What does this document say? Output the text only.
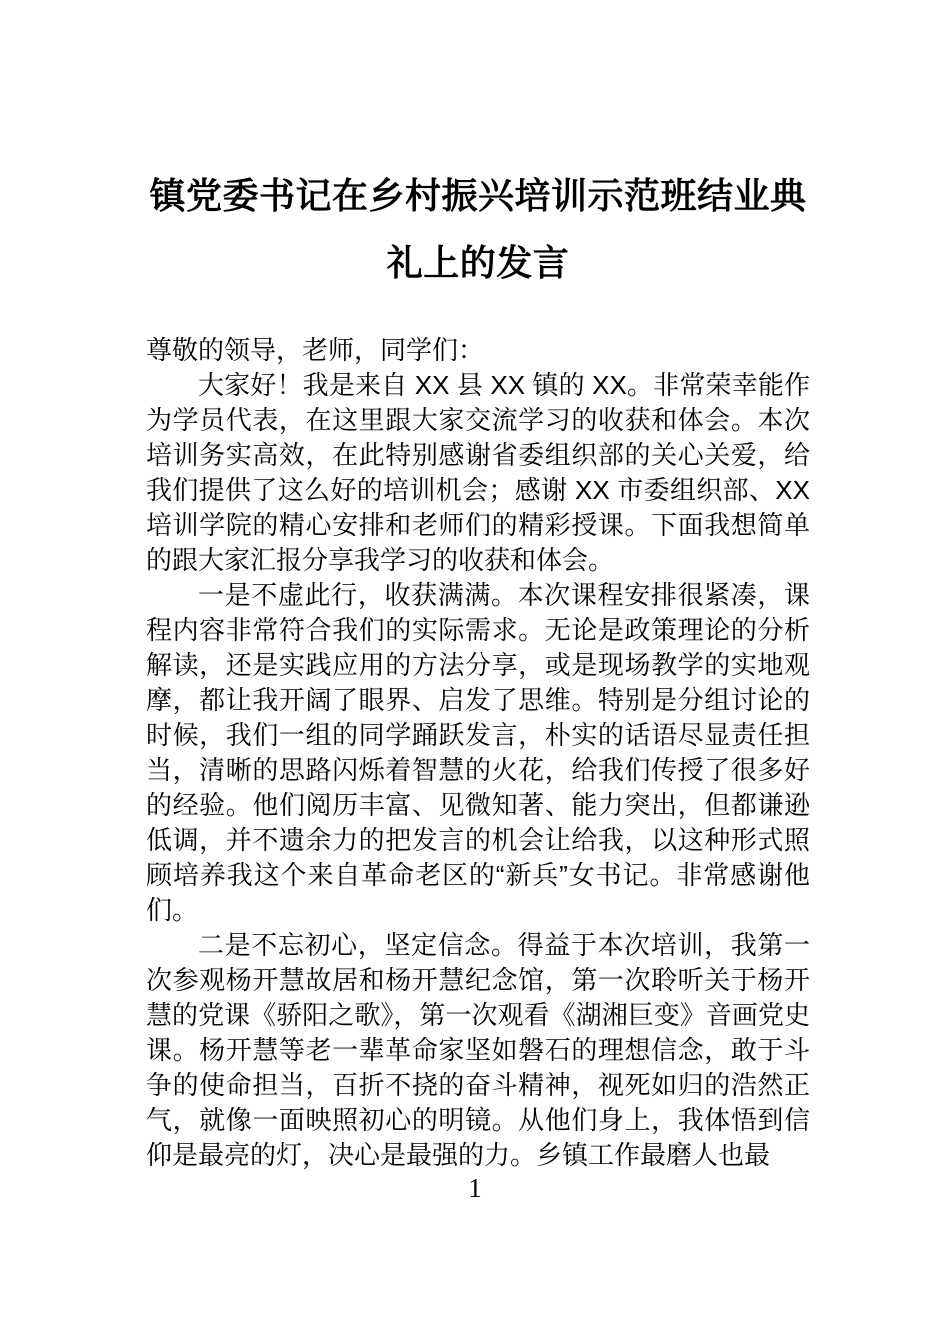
镇党委书记在乡村振兴培训示范班结业典
礼上的发言

尊敬的领导，老师，同学们：

大家好！我是来自 XX 县 XX 镇的 XX。非常荣幸能作为学员代表，在这里跟大家交流学习的收获和体会。本次培训务实高效，在此特别感谢省委组织部的关心关爱，给我们提供了这么好的培训机会；感谢 XX 市委组织部、XX 培训学院的精心安排和老师们的精彩授课。下面我想简单的跟大家汇报分享我学习的收获和体会。

一是不虚此行，收获满满。本次课程安排很紧凑，课程内容非常符合我们的实际需求。无论是政策理论的分析解读，还是实践应用的方法分享，或是现场教学的实地观摩，都让我开阔了眼界、启发了思维。特别是分组讨论的时候，我们一组的同学踊跃发言，朴实的话语尽显责任担当，清晰的思路闪烁着智慧的火花，给我们传授了很多好的经验。他们阅历丰富、见微知著、能力突出，但都谦逊低调，并不遗余力的把发言的机会让给我，以这种形式照顾培养我这个来自革命老区的“新兵”女书记。非常感谢他们。

二是不忘初心，坚定信念。得益于本次培训，我第一次参观杨开慧故居和杨开慧纪念馆，第一次聆听关于杨开慧的党课《骄阳之歌》，第一次观看《湖湘巨变》音画党史课。杨开慧等老一辈革命家坚如磐石的理想信念，敢于斗争的使命担当，百折不挠的奋斗精神，视死如归的浩然正气，就像一面映照初心的明镜。从他们身上，我体悟到信仰是最亮的灯，决心是最强的力。乡镇工作最磨人也最

1
